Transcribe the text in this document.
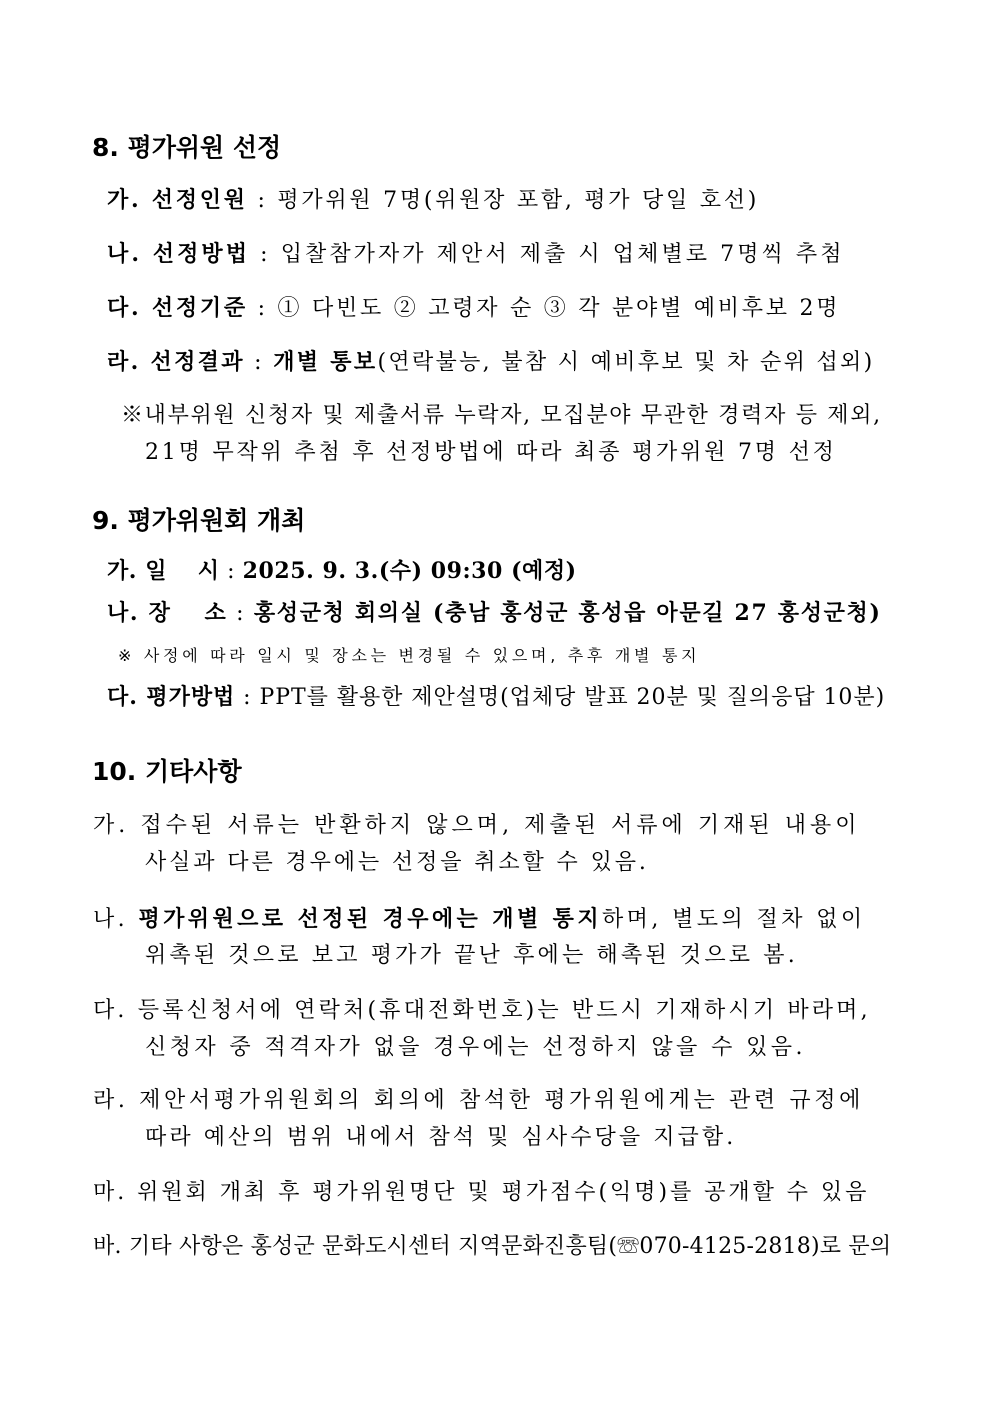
8. 평가위원 선정
가. 선정인원 : 평가위원 7명(위원장 포함, 평가 당일 호선)
나. 선정방법 : 입찰참가자가 제안서 제출 시 업체별로 7명씩 추첨
다. 선정기준 : ① 다빈도 ② 고령자 순 ③ 각 분야별 예비후보 2명
라. 선정결과 : 개별 통보(연락불능, 불참 시 예비후보 및 차 순위 섭외)
※내부위원 신청자 및 제출서류 누락자, 모집분야 무관한 경력자 등 제외,
21명 무작위 추첨 후 선정방법에 따라 최종 평가위원 7명 선정
9. 평가위원회 개최
가. 일　 시 : 2025. 9. 3.(수) 09:30 (예정)
나. 장　 소 : 홍성군청 회의실 (충남 홍성군 홍성읍 아문길 27 홍성군청)
※ 사정에 따라 일시 및 장소는 변경될 수 있으며, 추후 개별 통지
다. 평가방법 : PPT를 활용한 제안설명(업체당 발표 20분 및 질의응답 10분)
10. 기타사항
가. 접수된 서류는 반환하지 않으며, 제출된 서류에 기재된 내용이
사실과 다른 경우에는 선정을 취소할 수 있음.
나. 평가위원으로 선정된 경우에는 개별 통지하며, 별도의 절차 없이
위촉된 것으로 보고 평가가 끝난 후에는 해촉된 것으로 봄.
다. 등록신청서에 연락처(휴대전화번호)는 반드시 기재하시기 바라며,
신청자 중 적격자가 없을 경우에는 선정하지 않을 수 있음.
라. 제안서평가위원회의 회의에 참석한 평가위원에게는 관련 규정에
따라 예산의 범위 내에서 참석 및 심사수당을 지급함.
마. 위원회 개최 후 평가위원명단 및 평가점수(익명)를 공개할 수 있음
바. 기타 사항은 홍성군 문화도시센터 지역문화진흥팀(☏070-4125-2818)로 문의
